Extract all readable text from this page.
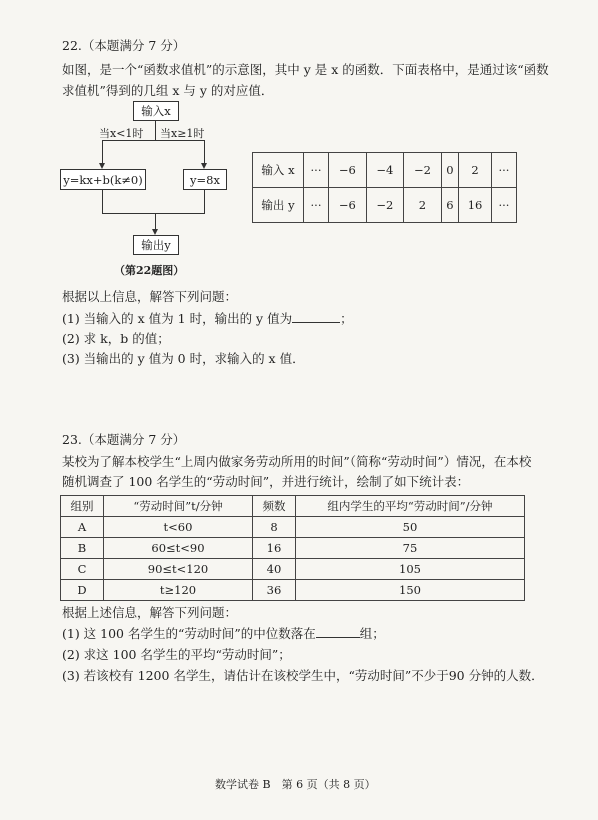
22.（本题满分 7 分）
如图，是一个“函数求值机”的示意图，其中 y 是 x 的函数．下面表格中，是通过该“函数
求值机”得到的几组 x 与 y 的对应值．
输入x
当x<1时 当x≥1时
y=kx+b(k≠0)	y=8x
输出y
（第22题图）
输入 x	···	−6	−4	−2	0	2	···
输出 y	···	−6	−2	2	6	16	···
根据以上信息，解答下列问题：
(1) 当输入的 x 值为 1 时，输出的 y 值为	；
(2) 求 k，b 的值；
(3) 当输出的 y 值为 0 时，求输入的 x 值．
23.（本题满分 7 分）
某校为了解本校学生“上周内做家务劳动所用的时间”（简称“劳动时间”）情况，在本校
随机调查了 100 名学生的“劳动时间”，并进行统计，绘制了如下统计表：
组别	“劳动时间”t/分钟	频数	组内学生的平均“劳动时间”/分钟
A	t<60	8	50
B	60≤t<90	16	75
C	90≤t<120	40	105
D	t≥120	36	150
根据上述信息，解答下列问题：
(1) 这 100 名学生的“劳动时间”的中位数落在	组；
(2) 求这 100 名学生的平均“劳动时间”；
(3) 若该校有 1200 名学生，请估计在该校学生中，“劳动时间”不少于90 分钟的人数．
数学试卷 B　第 6 页（共 8 页）
